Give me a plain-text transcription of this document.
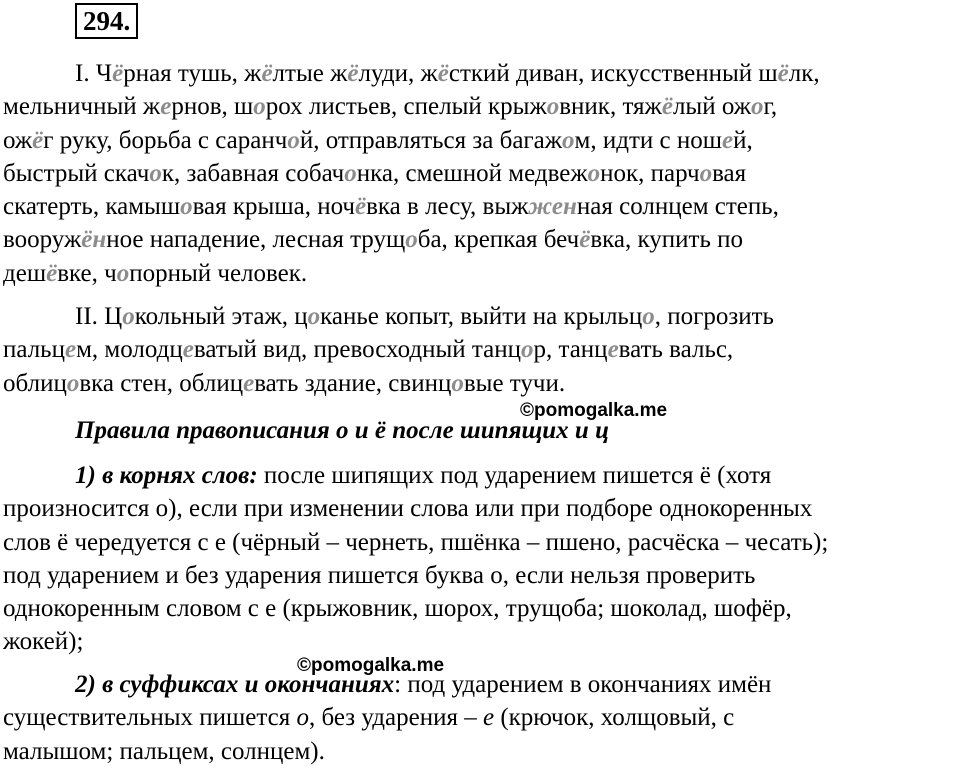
294.
I. Чёрная тушь, жёлтые жёлуди, жёсткий диван, искусственный шёлк,
мельничный жернов, шорох листьев, спелый крыжовник, тяжёлый ожог,
ожёг руку, борьба с саранчой, отправляться за багажом, идти с ношей,
быстрый скачок, забавная собачонка, смешной медвежонок, парчовая
скатерть, камышовая крыша, ночёвка в лесу, выжженная солнцем степь,
вооружённое нападение, лесная трущоба, крепкая бечёвка, купить по
дешёвке, чопорный человек.
II. Цокольный этаж, цоканье копыт, выйти на крыльцо, погрозить
пальцем, молодцеватый вид, превосходный танцор, танцевать вальс,
облицовка стен, облицевать здание, свинцовые тучи.
©pomogalka.me
Правила правописания о и ё после шипящих и ц
1) в корнях слов: после шипящих под ударением пишется ё (хотя
произносится о), если при изменении слова или при подборе однокоренных
слов ё чередуется с е (чёрный – чернеть, пшёнка – пшено, расчёска – чесать);
под ударением и без ударения пишется буква о, если нельзя проверить
однокоренным словом с е (крыжовник, шорох, трущоба; шоколад, шофёр,
жокей);
©pomogalka.me
2) в суффиксах и окончаниях: под ударением в окончаниях имён
существительных пишется о, без ударения – е (крючок, холщовый, с
малышом; пальцем, солнцем).
